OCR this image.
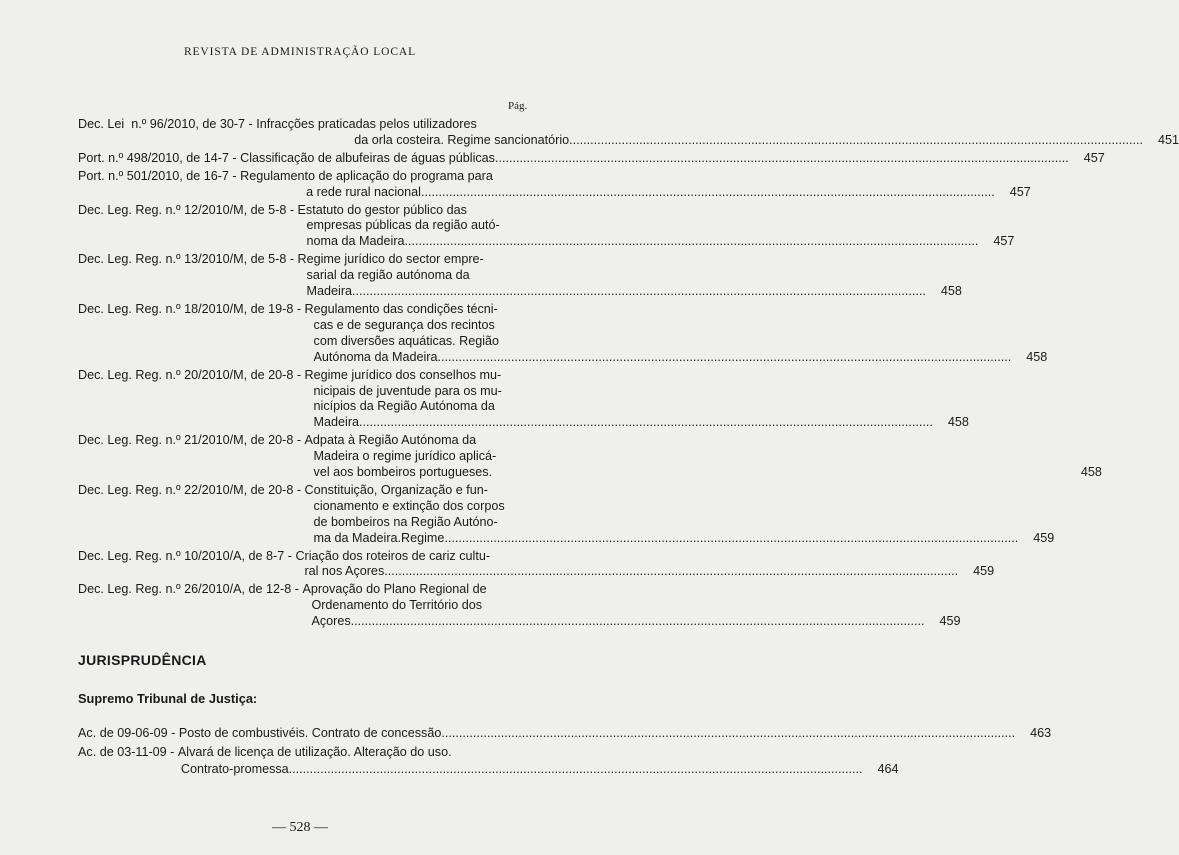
REVISTA DE ADMINISTRAÇÃO LOCAL
Pág.
Dec. Lei  n.º 96/2010, de 30-7 - Infracções praticadas pelos utilizadores
da orla costeira. Regime sancionatório .....	451
Port. n.º 498/2010, de 14-7 - Classificação de albufeiras de águas públicas .....	457
Port. n.º 501/2010, de 16-7 - Regulamento de aplicação do programa para
a rede rural nacional .....	457
Dec. Leg. Reg. n.º 12/2010/M, de 5-8 - Estatuto do gestor público das
empresas públicas da região autó-
noma da Madeira .....	457
Dec. Leg. Reg. n.º 13/2010/M, de 5-8 - Regime jurídico do sector empre-
sarial da região autónoma da
Madeira .....	458
Dec. Leg. Reg. n.º 18/2010/M, de 19-8 - Regulamento das condições técni-
cas e de segurança dos recintos
com diversões aquáticas. Região
Autónoma da Madeira .....	458
Dec. Leg. Reg. n.º 20/2010/M, de 20-8 - Regime jurídico dos conselhos mu-
nicipais de juventude para os mu-
nicípios da Região Autónoma da
Madeira .....	458
Dec. Leg. Reg. n.º 21/2010/M, de 20-8 - Adpata à Região Autónoma da
Madeira o regime jurídico aplicá-
vel aos bombeiros portugueses.	458
Dec. Leg. Reg. n.º 22/2010/M, de 20-8 - Constituição, Organização e fun-
cionamento e extinção dos corpos
de bombeiros na Região Autóno-
ma da Madeira.Regime .....	459
Dec. Leg. Reg. n.º 10/2010/A, de 8-7 - Criação dos roteiros de cariz cultu-
ral nos Açores .....	459
Dec. Leg. Reg. n.º 26/2010/A, de 12-8 - Aprovação do Plano Regional de
Ordenamento do Território dos
Açores .....	459
JURISPRUDÊNCIA
Supremo Tribunal de Justiça:
Ac. de 09-06-09 - Posto de combustivéis. Contrato de concessão .....	463
Ac. de 03-11-09 - Alvará de licença de utilização. Alteração do uso.
Contrato-promessa .....	464
— 528 —
